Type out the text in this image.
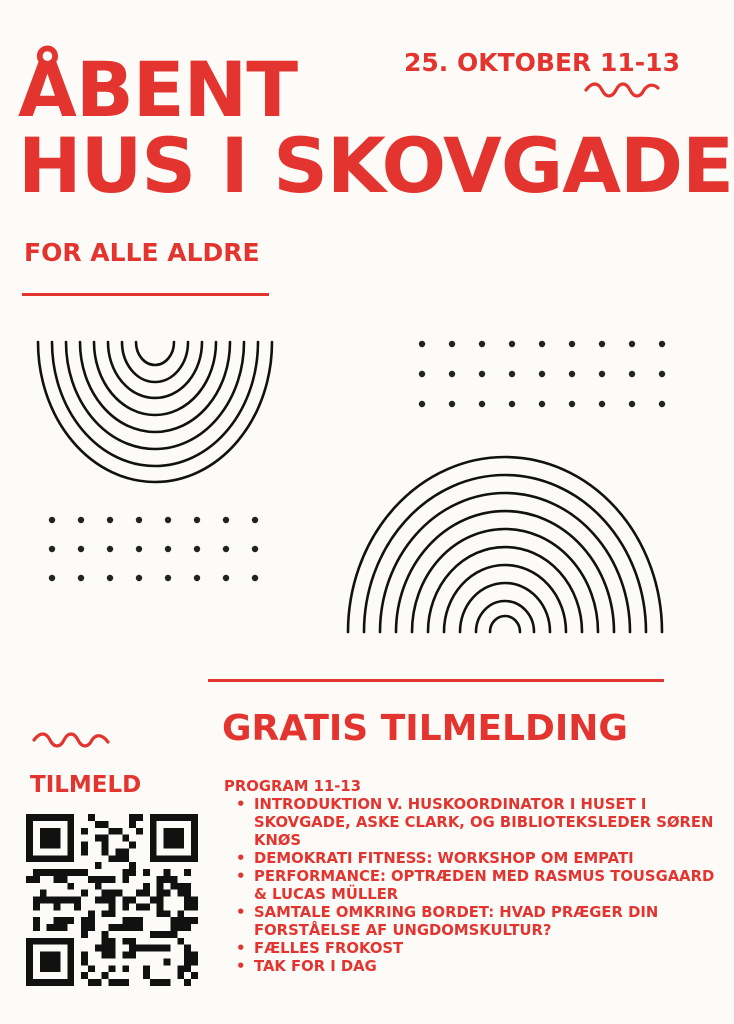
ÅBENT
HUS I SKOVGADE
25. OKTOBER 11-13
FOR ALLE ALDRE
GRATIS TILMELDING
TILMELD	PROGRAM 11-13
• INTRODUKTION V. HUSKOORDINATOR I HUSET I SKOVGADE, ASKE CLARK, OG BIBLIOTEKSLEDER SØREN KNØS
• DEMOKRATI FITNESS: WORKSHOP OM EMPATI
• PERFORMANCE: OPTRÆDEN MED RASMUS TOUSGAARD & LUCAS MÜLLER
• SAMTALE OMKRING BORDET: HVAD PRÆGER DIN FORSTÅELSE AF UNGDOMSKULTUR?
• FÆLLES FROKOST
• TAK FOR I DAG
